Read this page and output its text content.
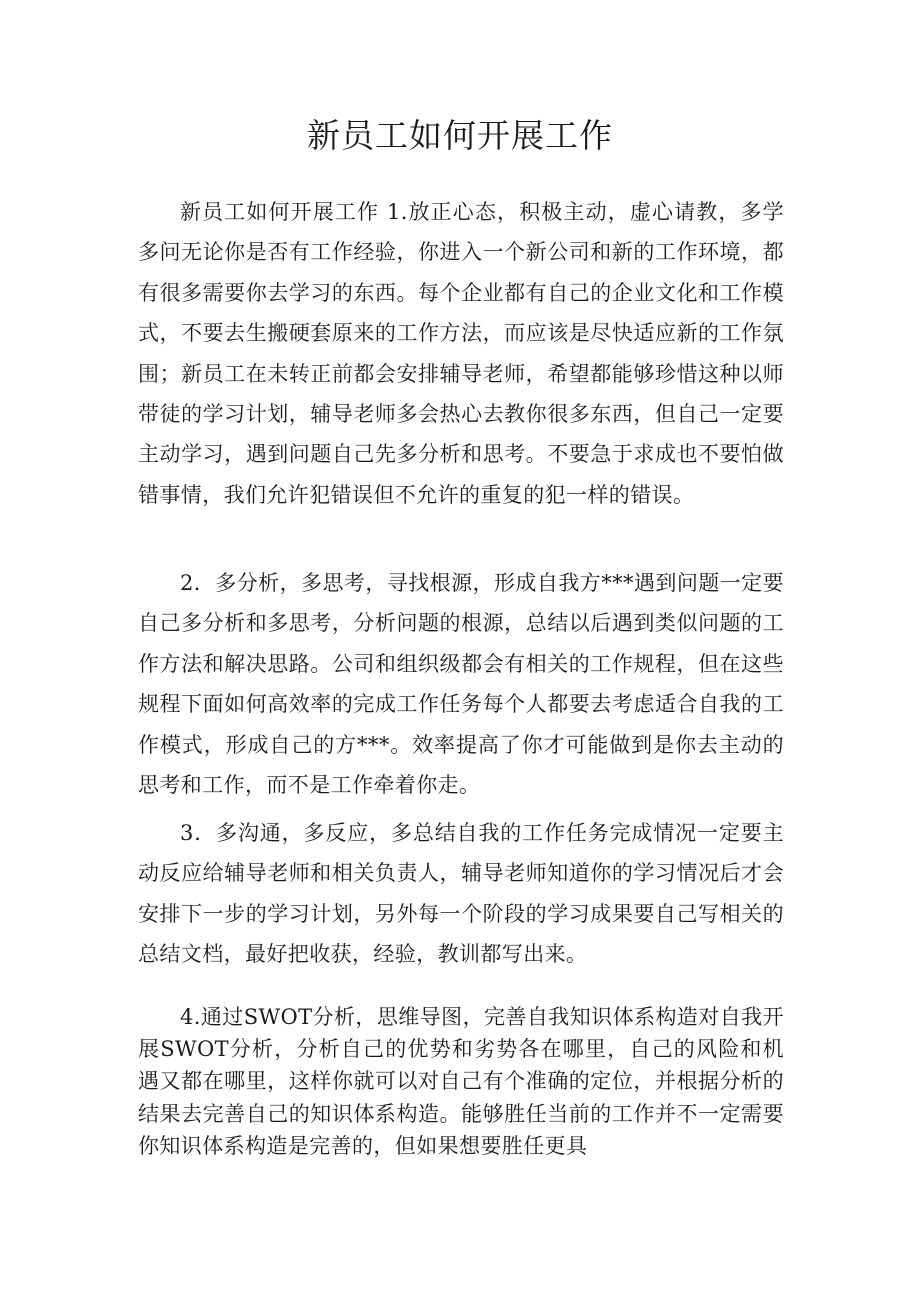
新员工如何开展工作

新员工如何开展工作 1.放正心态，积极主动，虚心请教，多学多问无论你是否有工作经验，你进入一个新公司和新的工作环境，都有很多需要你去学习的东西。每个企业都有自己的企业文化和工作模式，不要去生搬硬套原来的工作方法，而应该是尽快适应新的工作氛围；新员工在未转正前都会安排辅导老师，希望都能够珍惜这种以师带徒的学习计划，辅导老师多会热心去教你很多东西，但自己一定要主动学习，遇到问题自己先多分析和思考。不要急于求成也不要怕做错事情，我们允许犯错误但不允许的重复的犯一样的错误。

2．多分析，多思考，寻找根源，形成自我方***遇到问题一定要自己多分析和多思考，分析问题的根源，总结以后遇到类似问题的工作方法和解决思路。公司和组织级都会有相关的工作规程，但在这些规程下面如何高效率的完成工作任务每个人都要去考虑适合自我的工作模式，形成自己的方***。效率提高了你才可能做到是你去主动的思考和工作，而不是工作牵着你走。

3．多沟通，多反应，多总结自我的工作任务完成情况一定要主动反应给辅导老师和相关负责人，辅导老师知道你的学习情况后才会安排下一步的学习计划，另外每一个阶段的学习成果要自己写相关的总结文档，最好把收获，经验，教训都写出来。

4.通过SWOT分析，思维导图，完善自我知识体系构造对自我开展SWOT分析，分析自己的优势和劣势各在哪里，自己的风险和机遇又都在哪里，这样你就可以对自己有个准确的定位，并根据分析的结果去完善自己的知识体系构造。能够胜任当前的工作并不一定需要你知识体系构造是完善的，但如果想要胜任更具
